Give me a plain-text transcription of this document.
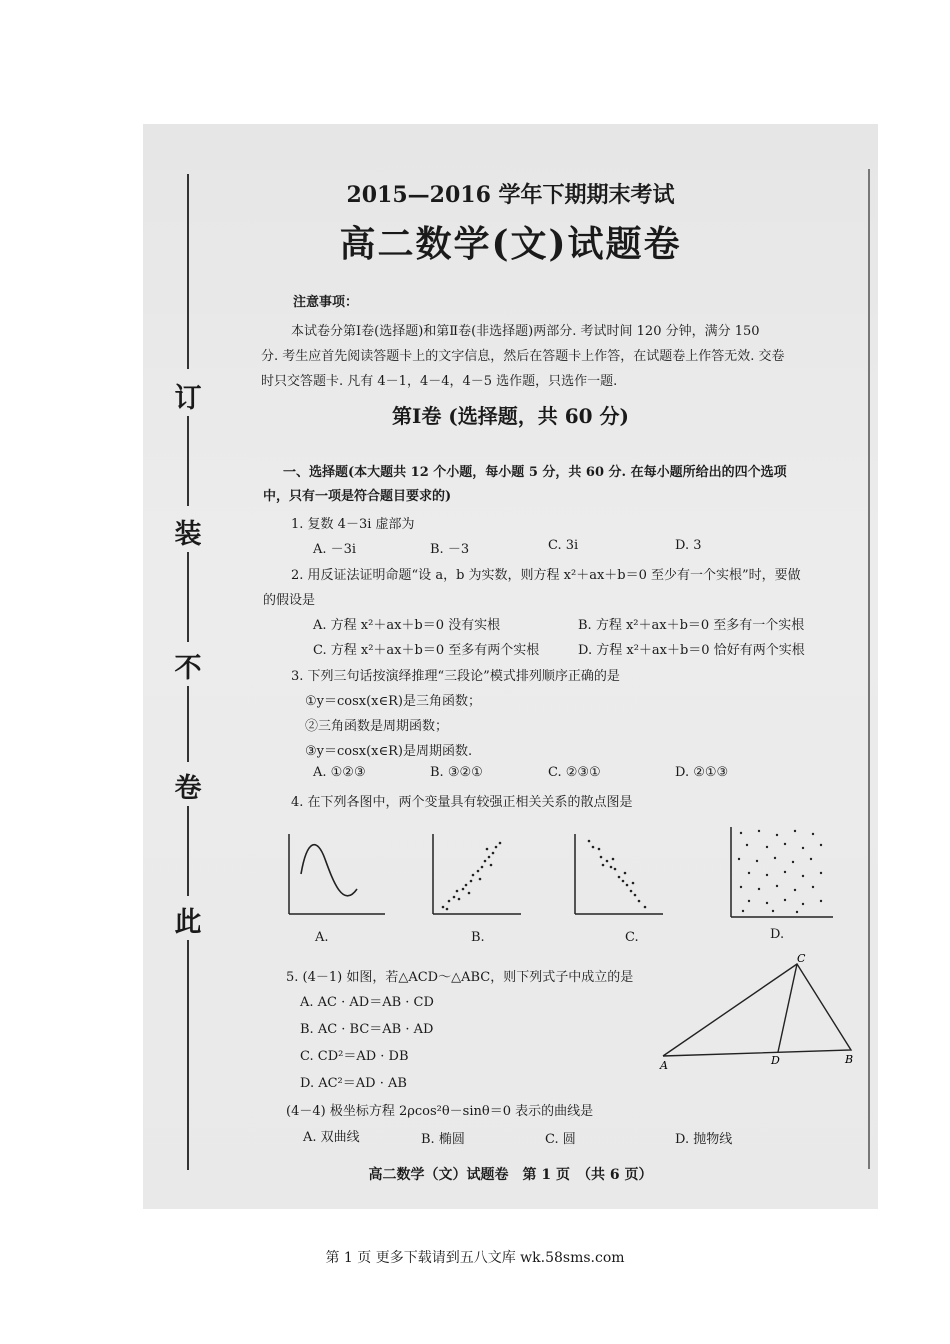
订
装
不
卷
此
2015—2016 学年下期期末考试
高二数学(文)试题卷
注意事项：
本试卷分第Ⅰ卷(选择题)和第Ⅱ卷(非选择题)两部分. 考试时间 120 分钟，满分 150
分. 考生应首先阅读答题卡上的文字信息，然后在答题卡上作答，在试题卷上作答无效. 交卷
时只交答题卡. 凡有 4－1，4－4，4－5 选作题，只选作一题.
第Ⅰ卷 (选择题，共 60 分)
一、选择题(本大题共 12 个小题，每小题 5 分，共 60 分. 在每小题所给出的四个选项
中，只有一项是符合题目要求的)
1. 复数 4－3i 虚部为
A. －3i	B. －3	C. 3i	D. 3
2. 用反证法证明命题“设 a，b 为实数，则方程 x²＋ax＋b＝0 至少有一个实根”时，要做
的假设是
A. 方程 x²＋ax＋b＝0 没有实根	B. 方程 x²＋ax＋b＝0 至多有一个实根
C. 方程 x²＋ax＋b＝0 至多有两个实根	D. 方程 x²＋ax＋b＝0 恰好有两个实根
3. 下列三句话按演绎推理“三段论”模式排列顺序正确的是
①y＝cosx(x∈R)是三角函数；
②三角函数是周期函数；
③y＝cosx(x∈R)是周期函数.
A. ①②③	B. ③②①	C. ②③①	D. ②①③
4. 在下列各图中，两个变量具有较强正相关关系的散点图是
A.	B.	C.	D.
5. (4－1) 如图，若△ACD～△ABC，则下列式子中成立的是
A. AC · AD＝AB · CD
B. AC · BC＝AB · AD
C. CD²＝AD · DB
D. AC²＝AD · AB
C
A	D	B
(4－4) 极坐标方程 2ρcos²θ－sinθ＝0 表示的曲线是
A. 双曲线	B. 椭圆	C. 圆	D. 抛物线
高二数学（文）试题卷　第 1 页　（共 6 页）
第 1 页 更多下载请到五八文库 wk.58sms.com
